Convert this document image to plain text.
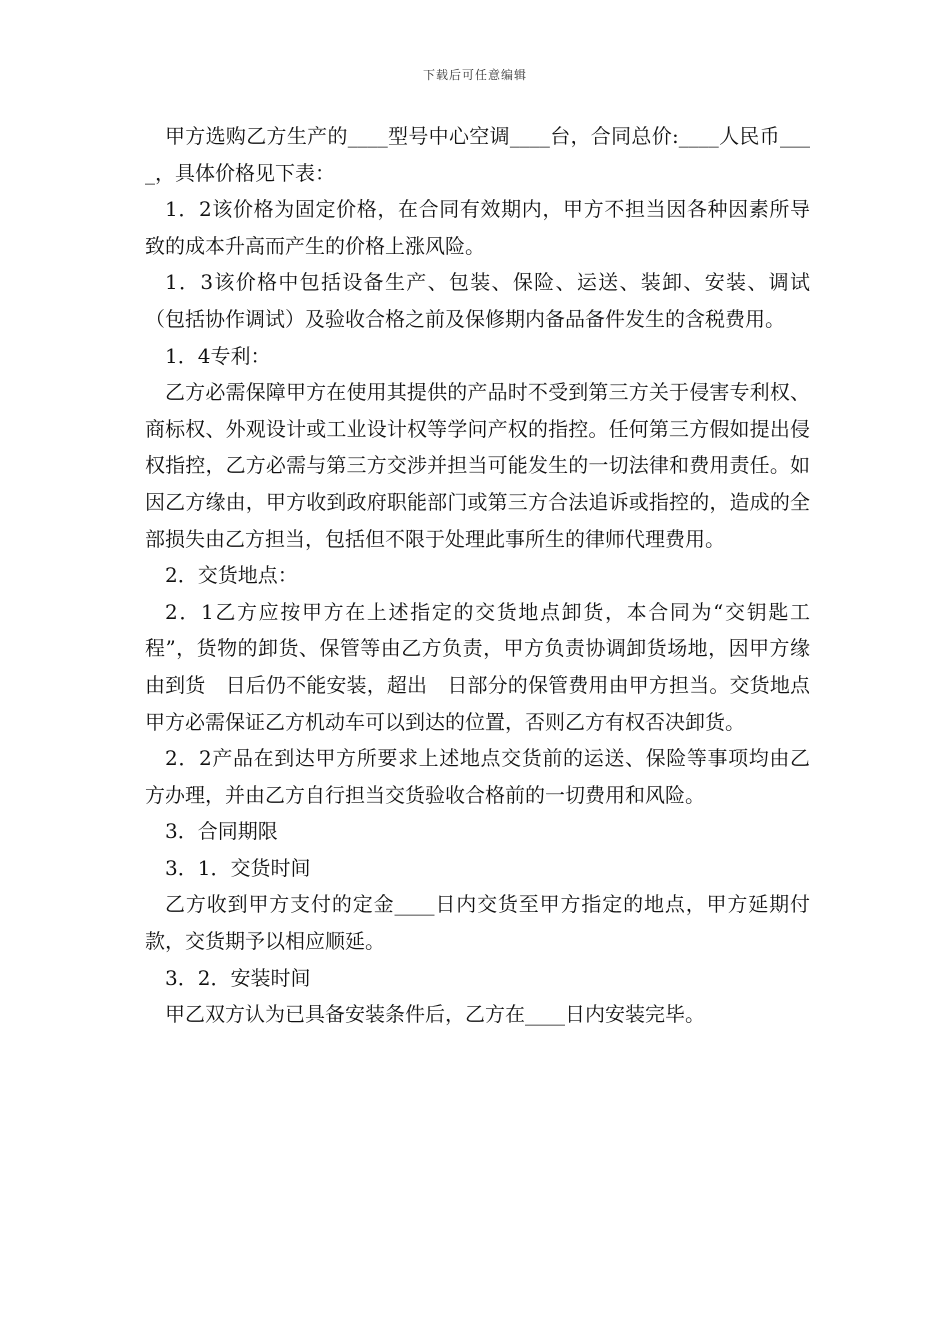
下载后可任意编辑

甲方选购乙方生产的____型号中心空调____台，合同总价:____人民币____，具体价格见下表：

1．2该价格为固定价格，在合同有效期内，甲方不担当因各种因素所导致的成本升高而产生的价格上涨风险。

1．3该价格中包括设备生产、包装、保险、运送、装卸、安装、调试（包括协作调试）及验收合格之前及保修期内备品备件发生的含税费用。

1．4专利：

乙方必需保障甲方在使用其提供的产品时不受到第三方关于侵害专利权、商标权、外观设计或工业设计权等学问产权的指控。任何第三方假如提出侵权指控，乙方必需与第三方交涉并担当可能发生的一切法律和费用责任。如因乙方缘由，甲方收到政府职能部门或第三方合法追诉或指控的，造成的全部损失由乙方担当，包括但不限于处理此事所生的律师代理费用。

2．交货地点：

2．1乙方应按甲方在上述指定的交货地点卸货，本合同为“交钥匙工程”，货物的卸货、保管等由乙方负责，甲方负责协调卸货场地，因甲方缘由到货　日后仍不能安装，超出　日部分的保管费用由甲方担当。交货地点甲方必需保证乙方机动车可以到达的位置，否则乙方有权否决卸货。

2．2产品在到达甲方所要求上述地点交货前的运送、保险等事项均由乙方办理，并由乙方自行担当交货验收合格前的一切费用和风险。

3．合同期限

3．1．交货时间

乙方收到甲方支付的定金____日内交货至甲方指定的地点，甲方延期付款，交货期予以相应顺延。

3．2．安装时间

甲乙双方认为已具备安装条件后，乙方在____日内安装完毕。
